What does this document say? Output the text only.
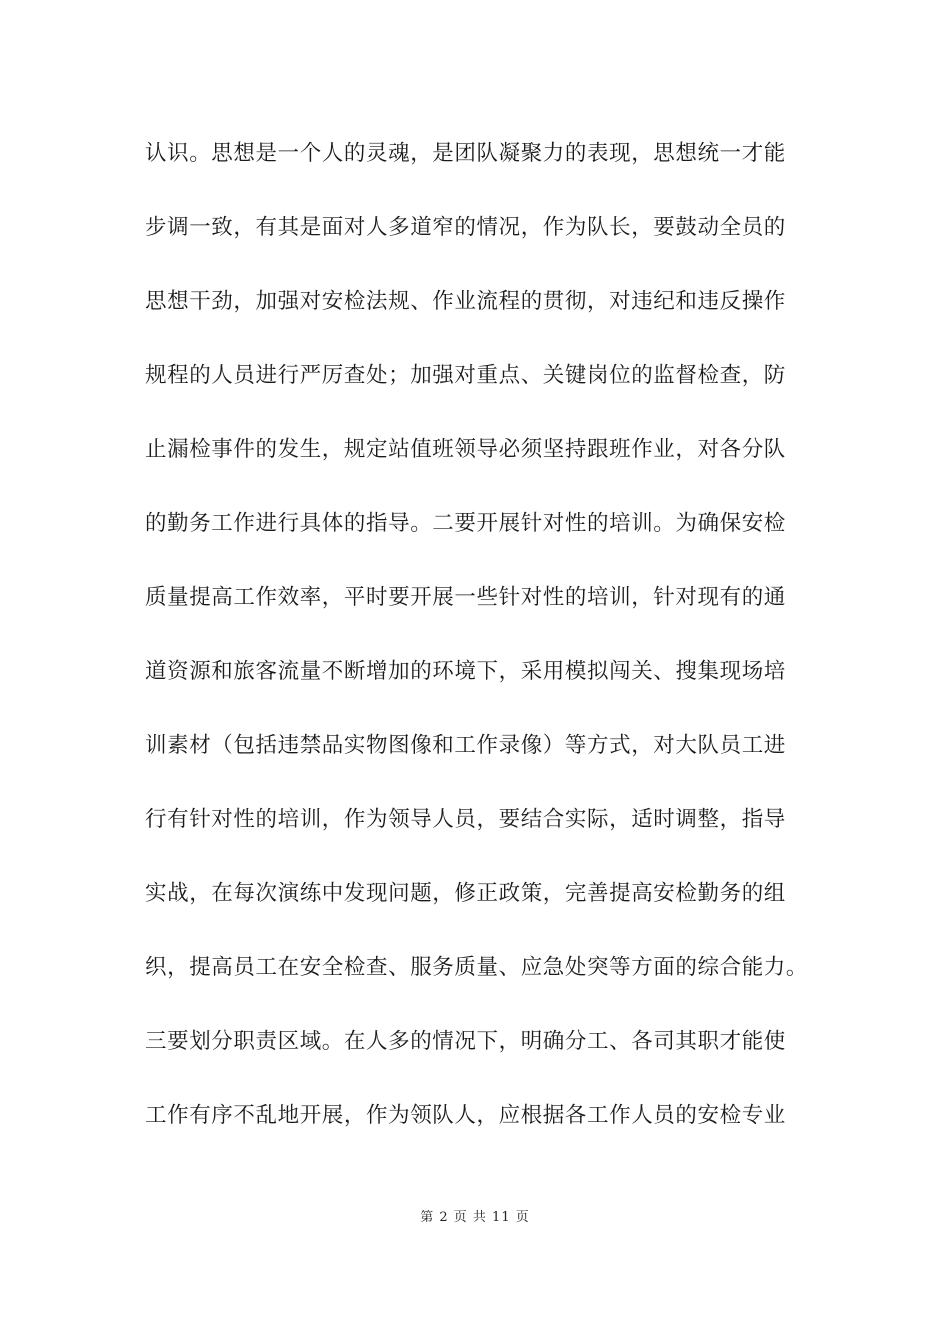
认识。思想是一个人的灵魂，是团队凝聚力的表现，思想统一才能
步调一致，有其是面对人多道窄的情况，作为队长，要鼓动全员的
思想干劲，加强对安检法规、作业流程的贯彻，对违纪和违反操作
规程的人员进行严厉查处；加强对重点、关键岗位的监督检查，防
止漏检事件的发生，规定站值班领导必须坚持跟班作业，对各分队
的勤务工作进行具体的指导。二要开展针对性的培训。为确保安检
质量提高工作效率，平时要开展一些针对性的培训，针对现有的通
道资源和旅客流量不断增加的环境下，采用模拟闯关、搜集现场培
训素材（包括违禁品实物图像和工作录像）等方式，对大队员工进
行有针对性的培训，作为领导人员，要结合实际，适时调整，指导
实战，在每次演练中发现问题，修正政策，完善提高安检勤务的组
织，提高员工在安全检查、服务质量、应急处突等方面的综合能力。
三要划分职责区域。在人多的情况下，明确分工、各司其职才能使
工作有序不乱地开展，作为领队人，应根据各工作人员的安检专业
第 2 页 共 11 页
